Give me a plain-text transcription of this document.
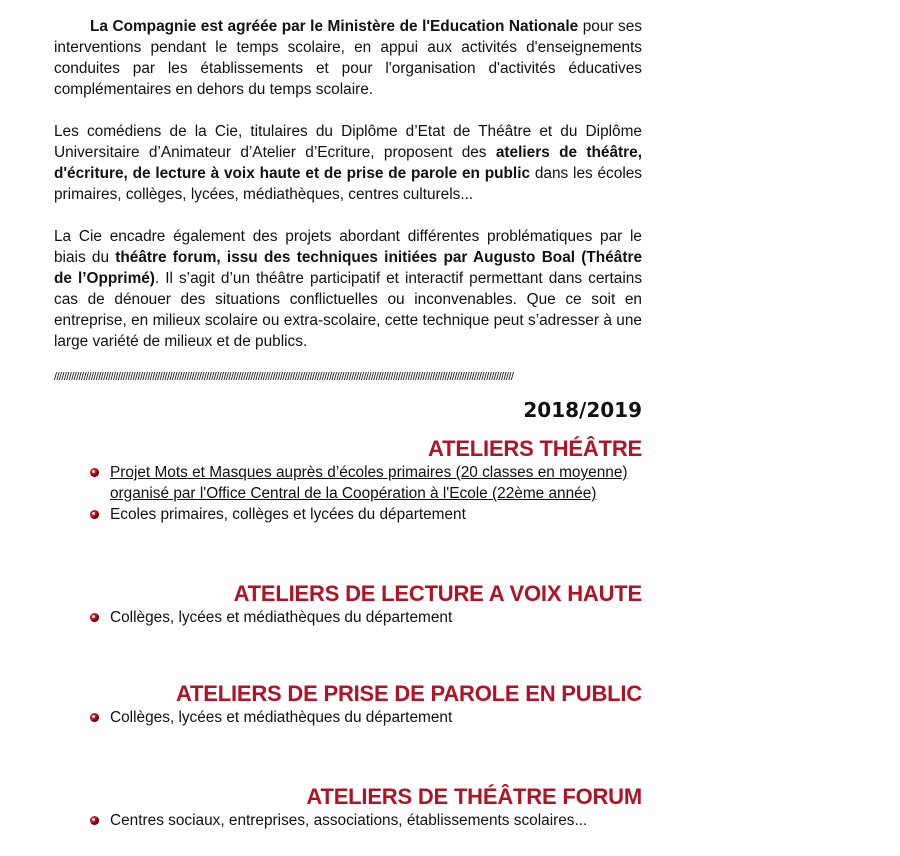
La Compagnie est agréée par le Ministère de l'Education Nationale pour ses interventions pendant le temps scolaire, en appui aux activités d'enseignements conduites par les établissements et pour l'organisation d'activités éducatives complémentaires en dehors du temps scolaire.

Les comédiens de la Cie, titulaires du Diplôme d’Etat de Théâtre et du Diplôme Universitaire d’Animateur d’Atelier d’Ecriture, proposent des ateliers de théâtre, d'écriture, de lecture à voix haute et de prise de parole en public dans les écoles primaires, collèges, lycées, médiathèques, centres culturels...

La Cie encadre également des projets abordant différentes problématiques par le biais du théâtre forum, issu des techniques initiées par Augusto Boal (Théâtre de l’Opprimé). Il s’agit d’un théâtre participatif et interactif permettant dans certains cas de dénouer des situations conflictuelles ou inconvenables. Que ce soit en entreprise, en milieux scolaire ou extra-scolaire, cette technique peut s’adresser à une large variété de milieux et de publics.

///////////////////////////////////////////////////////////////////////////////////////////////////////////////////////////////////////////////////////////////////////////////////////////
2018/2019
ATELIERS THÉÂTRE
Projet Mots et Masques auprès d’écoles primaires (20 classes en moyenne) organisé par l'Office Central de la Coopération à l'Ecole (22ème année)
Ecoles primaires, collèges et lycées du département
ATELIERS DE LECTURE A VOIX HAUTE
Collèges, lycées et médiathèques du département
ATELIERS DE PRISE DE PAROLE EN PUBLIC
Collèges, lycées et médiathèques du département
ATELIERS DE THÉÂTRE FORUM
Centres sociaux, entreprises, associations, établissements scolaires...
